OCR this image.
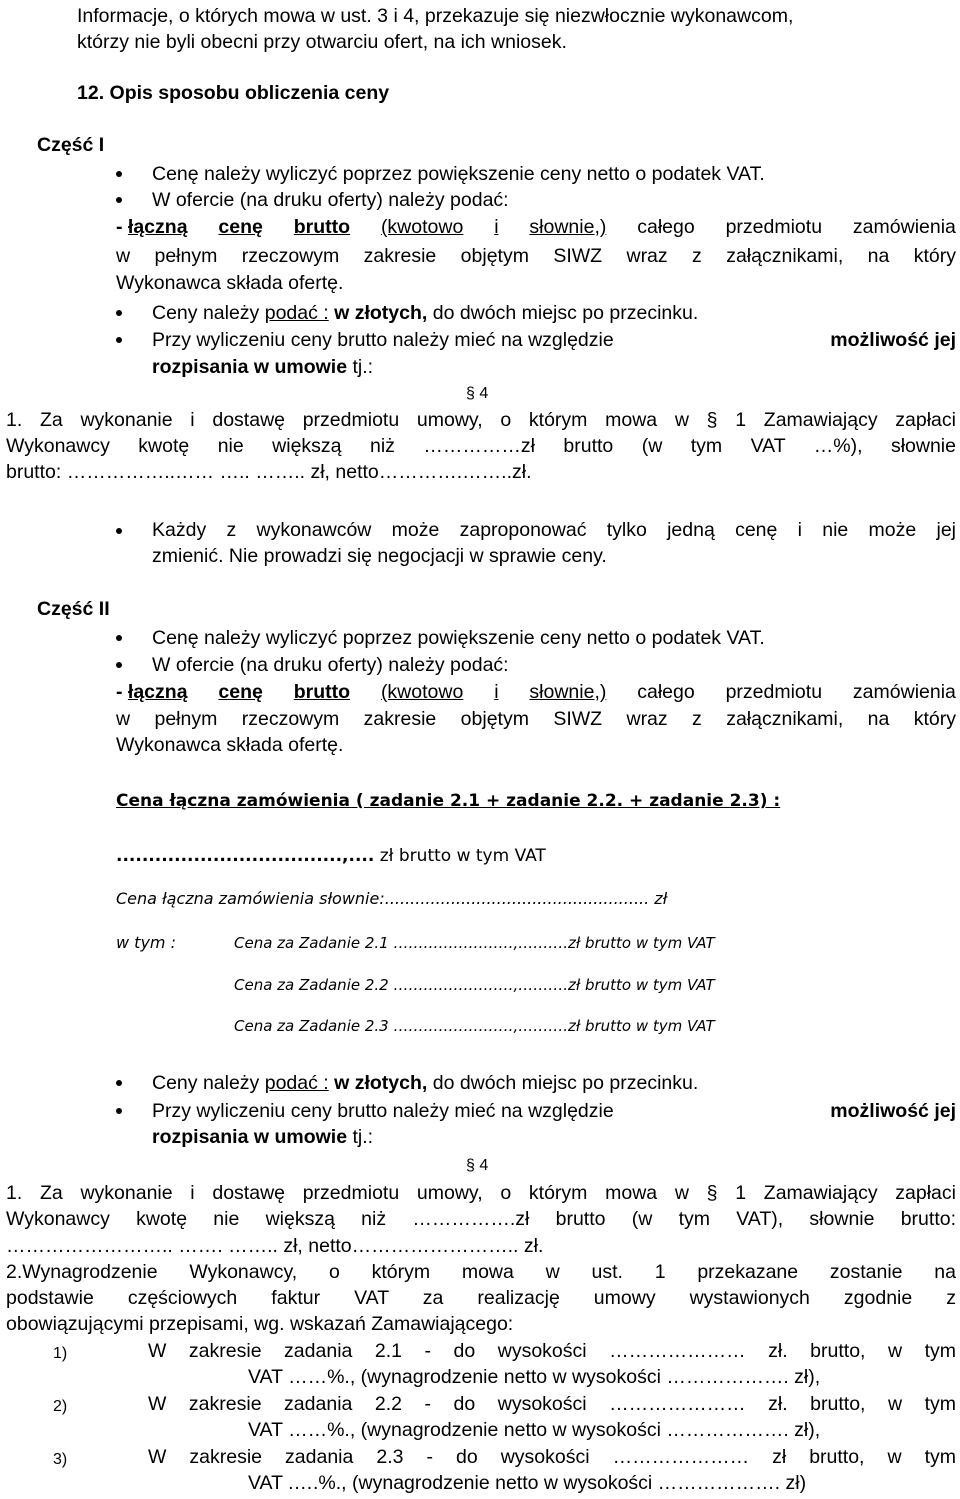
Informacje, o których mowa w ust. 3 i 4, przekazuje się niezwłocznie wykonawcom,
którzy nie byli obecni przy otwarciu ofert, na ich wniosek.
12. Opis sposobu obliczenia ceny
Część I
Cenę należy wyliczyć poprzez powiększenie ceny netto o podatek VAT.
W ofercie (na druku oferty) należy podać:
- łączną cenę brutto (kwotowo i słownie,) całego przedmiotu zamówienia
w pełnym rzeczowym zakresie objętym SIWZ wraz z załącznikami, na który
Wykonawca składa ofertę.
Ceny należy podać : w złotych, do dwóch miejsc po przecinku.
Przy wyliczeniu ceny brutto należy mieć na względzie	możliwość jej
rozpisania w umowie tj.:
§ 4
1. Za wykonanie i dostawę przedmiotu umowy, o którym mowa w § 1 Zamawiający zapłaci
Wykonawcy kwotę nie większą niż ……………zł brutto (w tym VAT …%), słownie
brutto: ……………..…… ….. …….. zł, netto………….……..zł.
Każdy z wykonawców może zaproponować tylko jedną cenę i nie może jej
zmienić. Nie prowadzi się negocjacji w sprawie ceny.
Część II
Cenę należy wyliczyć poprzez powiększenie ceny netto o podatek VAT.
W ofercie (na druku oferty) należy podać:
- łączną cenę brutto (kwotowo i słownie,) całego przedmiotu zamówienia
w pełnym rzeczowym zakresie objętym SIWZ wraz z załącznikami, na który
Wykonawca składa ofertę.
Cena łączna zamówienia ( zadanie 2.1 + zadanie 2.2. + zadanie 2.3) :
...................................,.... zł brutto w tym VAT
Cena łączna zamówienia słownie:.................................................... zł
w tym :	Cena za Zadanie 2.1 ……………………,……….zł brutto w tym VAT
Cena za Zadanie 2.2 ……………………,……….zł brutto w tym VAT
Cena za Zadanie 2.3 ……………………,……….zł brutto w tym VAT
Ceny należy podać : w złotych, do dwóch miejsc po przecinku.
Przy wyliczeniu ceny brutto należy mieć na względzie	możliwość jej
rozpisania w umowie tj.:
§ 4
1. Za wykonanie i dostawę przedmiotu umowy, o którym mowa w § 1 Zamawiający zapłaci
Wykonawcy kwotę nie większą niż …………….zł brutto (w tym VAT), słownie brutto:
…………………….. ……. …….. zł, netto…………………….. zł.
2.Wynagrodzenie Wykonawcy, o którym mowa w ust. 1 przekazane zostanie na
podstawie częściowych faktur VAT za realizację umowy wystawionych zgodnie z
obowiązującymi przepisami, wg. wskazań Zamawiającego:
1)	W zakresie zadania 2.1 - do wysokości ………………… zł. brutto, w tym
VAT ……%., (wynagrodzenie netto w wysokości ………………. zł),
2)	W zakresie zadania 2.2 - do wysokości ………………… zł. brutto, w tym
VAT ……%., (wynagrodzenie netto w wysokości ………………. zł),
3)	W zakresie zadania 2.3 - do wysokości ………………… zł brutto, w tym
VAT .….%., (wynagrodzenie netto w wysokości ………………. zł)
